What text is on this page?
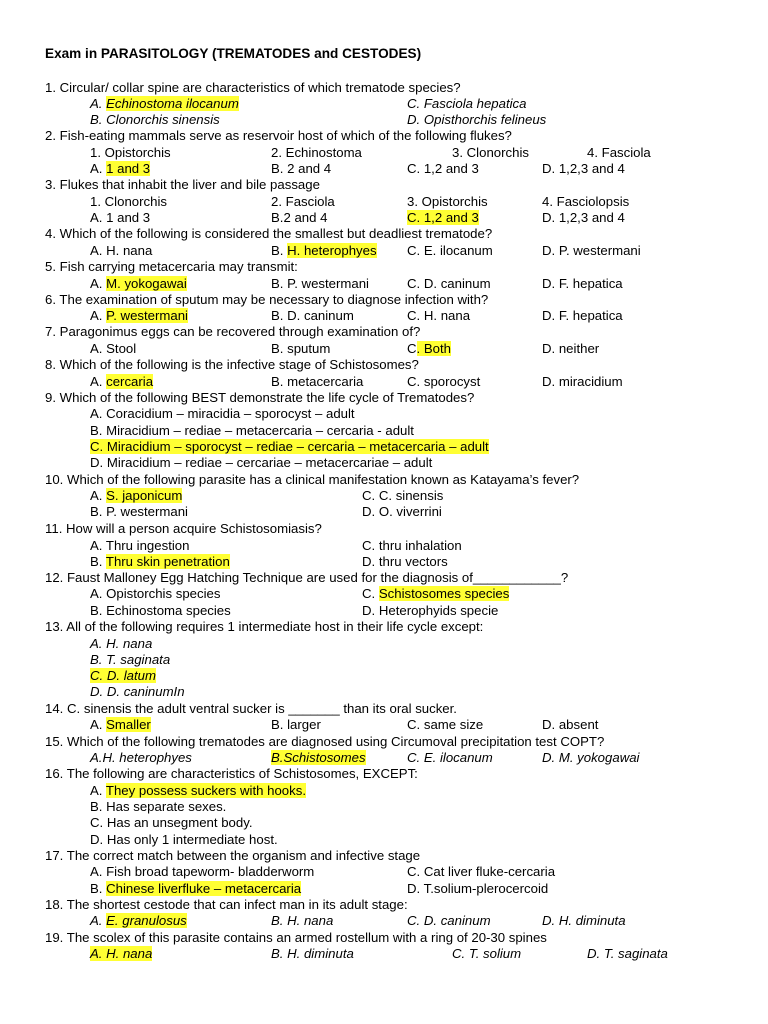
Exam in PARASITOLOGY (TREMATODES and CESTODES)
1. Circular/ collar spine are characteristics of which trematode species?
A. Echinostoma ilocanum	C. Fasciola hepatica
B. Clonorchis sinensis	D. Opisthorchis felineus
2. Fish-eating mammals serve as reservoir host of which of the following flukes?
1. Opistorchis	2. Echinostoma	3. Clonorchis	4. Fasciola
A. 1 and 3	B. 2 and 4	C. 1,2 and 3	D. 1,2,3 and 4
3. Flukes that inhabit the liver and bile passage
1. Clonorchis	2. Fasciola	3. Opistorchis	4. Fasciolopsis
A. 1 and 3	B.2 and 4	C. 1,2 and 3	D. 1,2,3 and 4
4. Which of the following is considered the smallest but deadliest trematode?
A. H. nana	B. H. heterophyes C. E. ilocanum	D. P. westermani
5. Fish carrying metacercaria may transmit:
A. M. yokogawai	B. P. westermani	C. D. caninum	D. F. hepatica
6. The examination of sputum may be necessary to diagnose infection with?
A. P. westermani	B. D. caninum	C. H. nana	D. F. hepatica
7. Paragonimus eggs can be recovered through examination of?
A. Stool	B. sputum	C. Both	D. neither
8. Which of the following is the infective stage of Schistosomes?
A. cercaria	B. metacercaria	C. sporocyst	D. miracidium
9. Which of the following BEST demonstrate the life cycle of Trematodes?
A. Coracidium – miracidia – sporocyst – adult
B. Miracidium – rediae – metacercaria – cercaria - adult
C. Miracidium – sporocyst – rediae – cercaria – metacercaria – adult
D. Miracidium – rediae – cercariae – metacercariae – adult
10. Which of the following parasite has a clinical manifestation known as Katayama’s fever?
A. S. japonicum	C. C. sinensis
B. P. westermani	D. O. viverrini
11. How will a person acquire Schistosomiasis?
A. Thru ingestion	C. thru inhalation
B. Thru skin penetration	D. thru vectors
12. Faust Malloney Egg Hatching Technique are used for the diagnosis of____________?
A. Opistorchis species	C. Schistosomes species
B. Echinostoma species	D. Heterophyids specie
13. All of the following requires 1 intermediate host in their life cycle except:
A. H. nana
B. T. saginata
C. D. latum
D. D. caninumIn
14. C. sinensis the adult ventral sucker is _______ than its oral sucker.
A. Smaller	B. larger	C. same size	D. absent
15. Which of the following trematodes are diagnosed using Circumoval precipitation test COPT?
A.H. heterophyes	B.Schistosomes	C. E. ilocanum	D. M. yokogawai
16. The following are characteristics of Schistosomes, EXCEPT:
A. They possess suckers with hooks.
B. Has separate sexes.
C. Has an unsegment body.
D. Has only 1 intermediate host.
17. The correct match between the organism and infective stage
A. Fish broad tapeworm- bladderworm	C. Cat liver fluke-cercaria
B. Chinese liverfluke – metacercaria	D. T.solium-plerocercoid
18. The shortest cestode that can infect man in its adult stage:
A. E. granulosus	B. H. nana	C. D. caninum	D. H. diminuta
19. The scolex of this parasite contains an armed rostellum with a ring of 20-30 spines
A. H. nana	B. H. diminuta	C. T. solium	D. T. saginata
